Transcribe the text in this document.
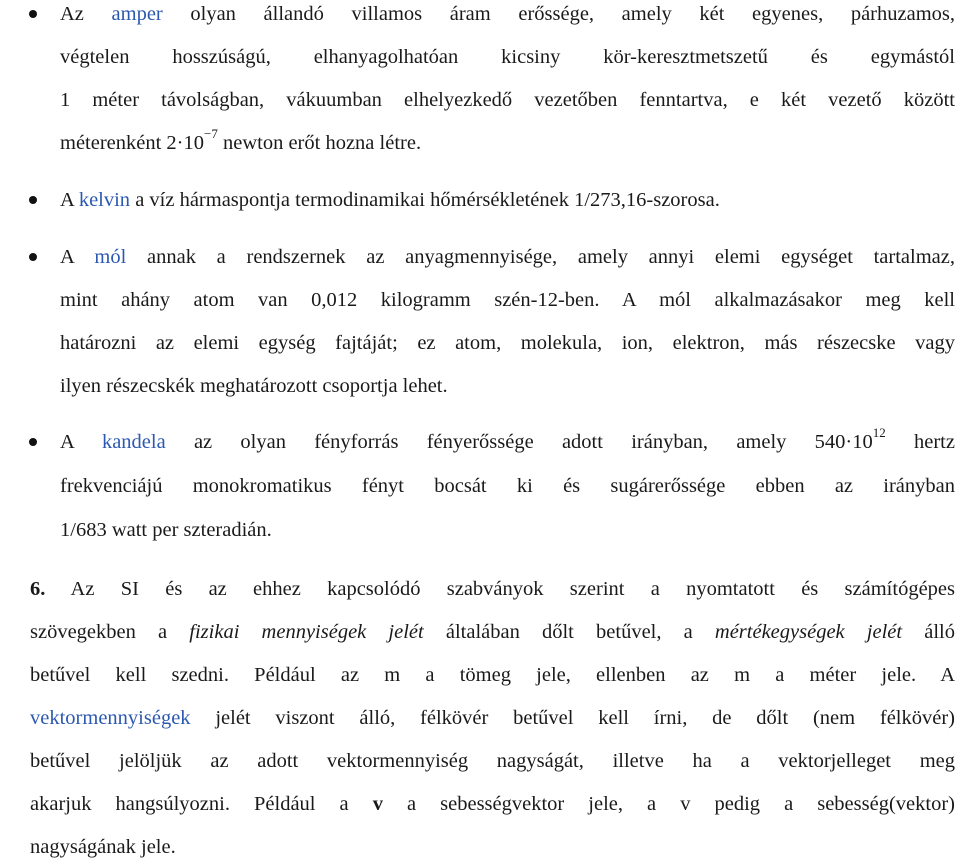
Az amper olyan állandó villamos áram erőssége, amely két egyenes, párhuzamos,
végtelen hosszúságú, elhanyagolhatóan kicsiny kör-keresztmetszetű és egymástól
1 méter távolságban, vákuumban elhelyezkedő vezetőben fenntartva, e két vezető között
méterenként $2\cdot 10^{-7}$ newton erőt hozna létre.
A kelvin a víz hármaspontja termodinamikai hőmérsékletének 1/273,16-szorosa.
A mól annak a rendszernek az anyagmennyisége, amely annyi elemi egységet tartalmaz,
mint ahány atom van 0,012 kilogramm szén-12-ben. A mól alkalmazásakor meg kell
határozni az elemi egység fajtáját; ez atom, molekula, ion, elektron, más részecske vagy
ilyen részecskék meghatározott csoportja lehet.
A kandela az olyan fényforrás fényerőssége adott irányban, amely $540\cdot 10^{12}$ hertz
frekvenciájú monokromatikus fényt bocsát ki és sugárerőssége ebben az irányban
1/683 watt per szteradián.
6. Az SI és az ehhez kapcsolódó szabványok szerint a nyomtatott és számítógépes
szövegekben a fizikai mennyiségek jelét általában dőlt betűvel, a mértékegységek jelét álló
betűvel kell szedni. Például az m a tömeg jele, ellenben az m a méter jele. A
vektormennyiségek jelét viszont álló, félkövér betűvel kell írni, de dőlt (nem félkövér)
betűvel jelöljük az adott vektormennyiség nagyságát, illetve ha a vektorjelleget meg
akarjuk hangsúlyozni. Például a v a sebességvektor jele, a v pedig a sebesség(vektor)
nagyságának jele.
